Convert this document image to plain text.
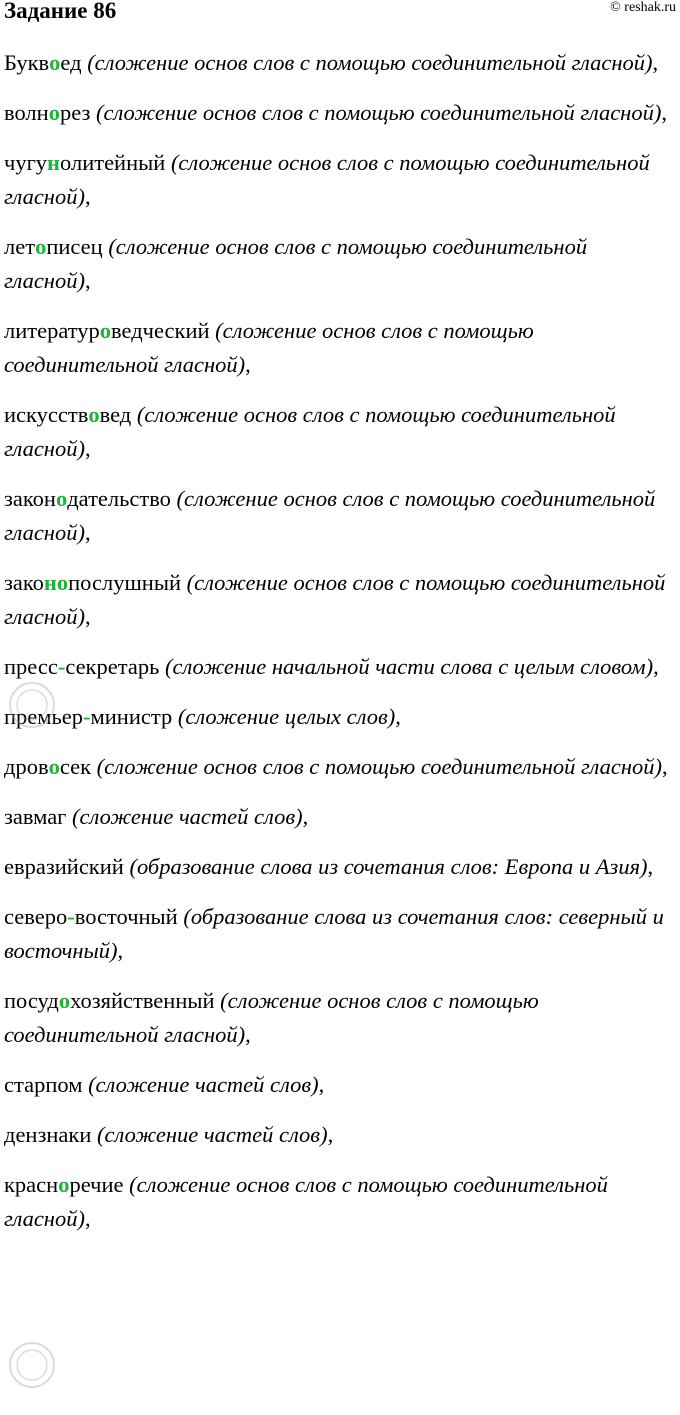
Задание 86	© reshak.ru
Буквоед (сложение основ слов с помощью соединительной гласной),
волнорез (сложение основ слов с помощью соединительной гласной),
чугунолитейный (сложение основ слов с помощью соединительной гласной),
летописец (сложение основ слов с помощью соединительной гласной),
литературоведческий (сложение основ слов с помощью соединительной гласной),
искусствовед (сложение основ слов с помощью соединительной гласной),
законодательство (сложение основ слов с помощью соединительной гласной),
законопослушный (сложение основ слов с помощью соединительной гласной),
пресс-секретарь (сложение начальной части слова с целым словом),
премьер-министр (сложение целых слов),
дровосек (сложение основ слов с помощью соединительной гласной),
завмаг (сложение частей слов),
евразийский (образование слова из сочетания слов: Европа и Азия),
северо-восточный (образование слова из сочетания слов: северный и восточный),
посудохозяйственный (сложение основ слов с помощью соединительной гласной),
старпом (сложение частей слов),
дензнаки (сложение частей слов),
красноречие (сложение основ слов с помощью соединительной гласной),
